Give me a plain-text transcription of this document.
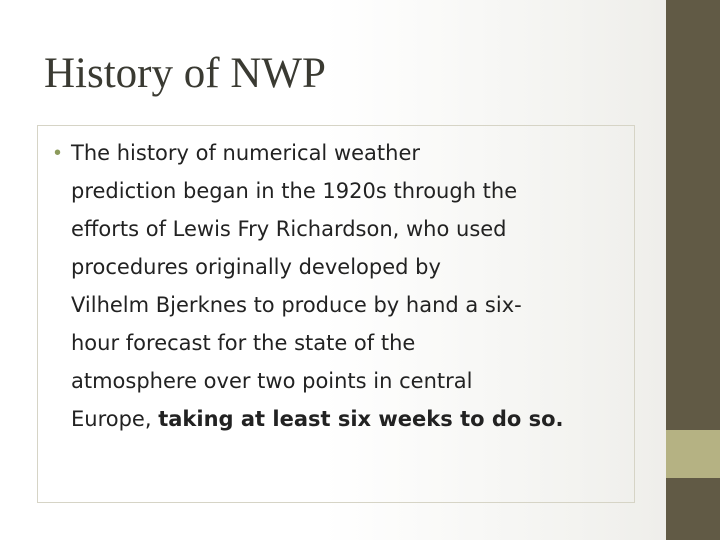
History of NWP
• The history of numerical weather
prediction began in the 1920s through the
efforts of Lewis Fry Richardson, who used
procedures originally developed by
Vilhelm Bjerknes to produce by hand a six-
hour forecast for the state of the
atmosphere over two points in central
Europe, taking at least six weeks to do so.
